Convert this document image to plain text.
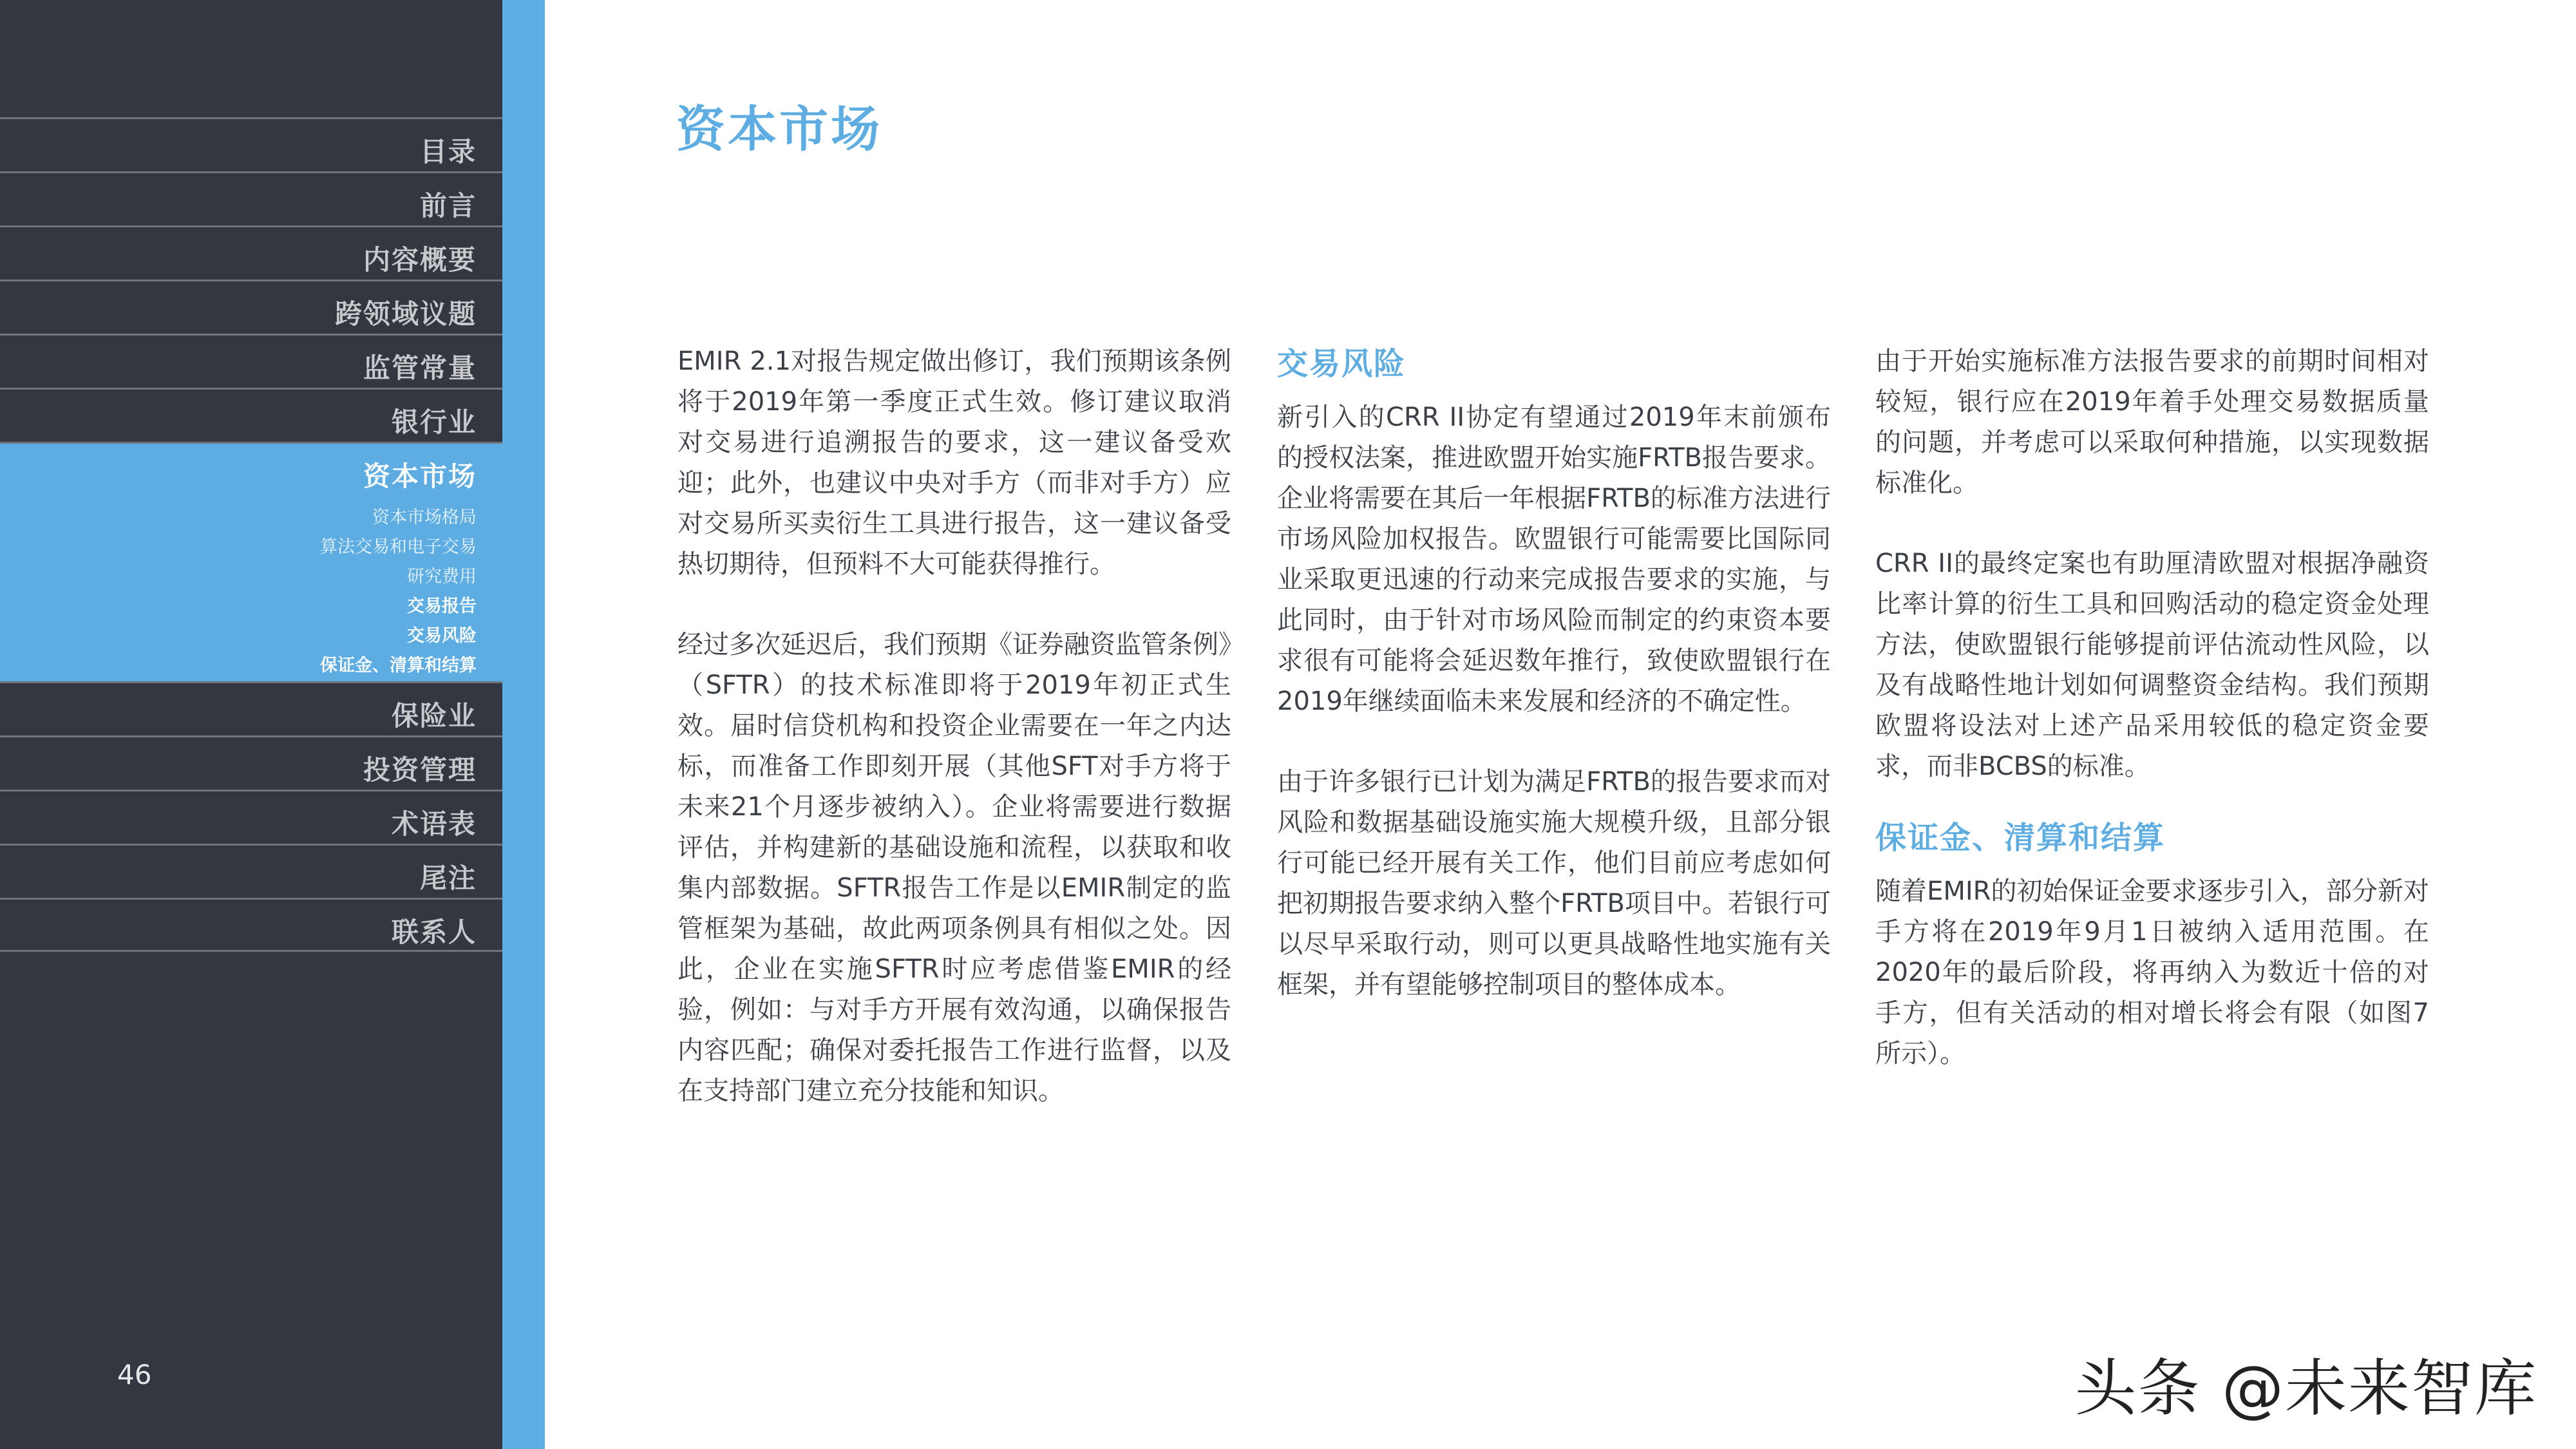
目录
前言
内容概要
跨领域议题
监管常量
银行业
资本市场
资本市场格局
算法交易和电子交易
研究费用
交易报告
交易风险
保证金、清算和结算
保险业
投资管理
术语表
尾注
联系人
46
资本市场

EMIR 2.1对报告规定做出修订，我们预期该条例将于2019年第一季度正式生效。修订建议取消对交易进行追溯报告的要求，这一建议备受欢迎；此外，也建议中央对手方（而非对手方）应对交易所买卖衍生工具进行报告，这一建议备受热切期待，但预料不大可能获得推行。

经过多次延迟后，我们预期《证券融资监管条例》（SFTR）的技术标准即将于2019年初正式生效。届时信贷机构和投资企业需要在一年之内达标，而准备工作即刻开展（其他SFT对手方将于未来21个月逐步被纳入）。企业将需要进行数据评估，并构建新的基础设施和流程，以获取和收集内部数据。SFTR报告工作是以EMIR制定的监管框架为基础，故此两项条例具有相似之处。因此，企业在实施SFTR时应考虑借鉴EMIR的经验，例如：与对手方开展有效沟通，以确保报告内容匹配；确保对委托报告工作进行监督，以及在支持部门建立充分技能和知识。

交易风险

新引入的CRR II协定有望通过2019年末前颁布的授权法案，推进欧盟开始实施FRTB报告要求。企业将需要在其后一年根据FRTB的标准方法进行市场风险加权报告。欧盟银行可能需要比国际同业采取更迅速的行动来完成报告要求的实施，与此同时，由于针对市场风险而制定的约束资本要求很有可能将会延迟数年推行，致使欧盟银行在2019年继续面临未来发展和经济的不确定性。

由于许多银行已计划为满足FRTB的报告要求而对风险和数据基础设施实施大规模升级，且部分银行可能已经开展有关工作，他们目前应考虑如何把初期报告要求纳入整个FRTB项目中。若银行可以尽早采取行动，则可以更具战略性地实施有关框架，并有望能够控制项目的整体成本。

由于开始实施标准方法报告要求的前期时间相对较短，银行应在2019年着手处理交易数据质量的问题，并考虑可以采取何种措施，以实现数据标准化。

CRR II的最终定案也有助厘清欧盟对根据净融资比率计算的衍生工具和回购活动的稳定资金处理方法，使欧盟银行能够提前评估流动性风险，以及有战略性地计划如何调整资金结构。我们预期欧盟将设法对上述产品采用较低的稳定资金要求，而非BCBS的标准。

保证金、清算和结算

随着EMIR的初始保证金要求逐步引入，部分新对手方将在2019年9月1日被纳入适用范围。在2020年的最后阶段，将再纳入为数近十倍的对手方，但有关活动的相对增长将会有限（如图7所示）。

头条 @未来智库
